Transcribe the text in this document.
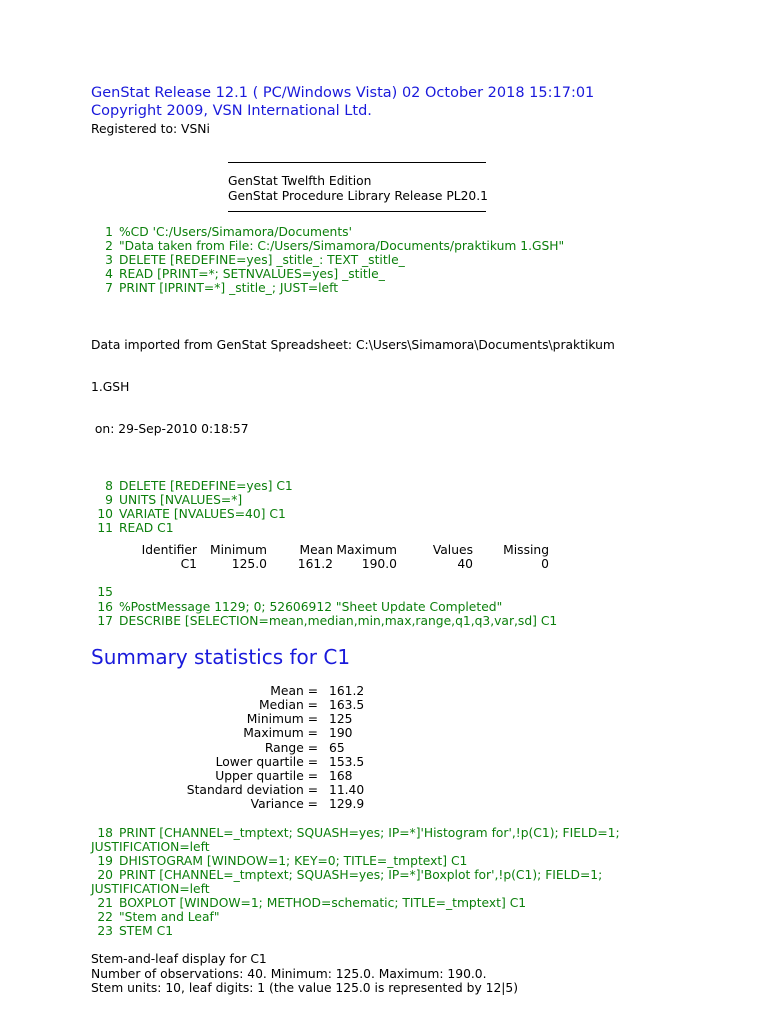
GenStat Release 12.1 ( PC/Windows Vista) 02 October 2018 15:17:01
Copyright 2009, VSN International Ltd.
Registered to: VSNi
GenStat Twelfth Edition
GenStat Procedure Library Release PL20.1
1 %CD 'C:/Users/Simamora/Documents'
2 "Data taken from File: C:/Users/Simamora/Documents/praktikum 1.GSH"
3 DELETE [REDEFINE=yes] _stitle_: TEXT _stitle_
4 READ [PRINT=*; SETNVALUES=yes] _stitle_
7 PRINT [IPRINT=*] _stitle_; JUST=left

Data imported from GenStat Spreadsheet: C:\Users\Simamora\Documents\praktikum

1.GSH

on: 29-Sep-2010 0:18:57

8 DELETE [REDEFINE=yes] C1
9 UNITS [NVALUES=*]
10 VARIATE [NVALUES=40] C1
11 READ C1
Identifier	Minimum	Mean	Maximum	Values	Missing
C1	125.0	161.2	190.0	40	0
15
16 %PostMessage 1129; 0; 52606912 "Sheet Update Completed"
17 DESCRIBE [SELECTION=mean,median,min,max,range,q1,q3,var,sd] C1
Summary statistics for C1
Mean = 161.2
Median = 163.5
Minimum = 125
Maximum = 190
Range = 65
Lower quartile = 153.5
Upper quartile = 168
Standard deviation = 11.40
Variance = 129.9
18 PRINT [CHANNEL=_tmptext; SQUASH=yes; IP=*]'Histogram for',!p(C1); FIELD=1;
JUSTIFICATION=left
19 DHISTOGRAM [WINDOW=1; KEY=0; TITLE=_tmptext] C1
20 PRINT [CHANNEL=_tmptext; SQUASH=yes; IP=*]'Boxplot for',!p(C1); FIELD=1;
JUSTIFICATION=left
21 BOXPLOT [WINDOW=1; METHOD=schematic; TITLE=_tmptext] C1
22 "Stem and Leaf"
23 STEM C1
Stem-and-leaf display for C1
Number of observations: 40. Minimum: 125.0. Maximum: 190.0.
Stem units: 10, leaf digits: 1 (the value 125.0 is represented by 12|5)
